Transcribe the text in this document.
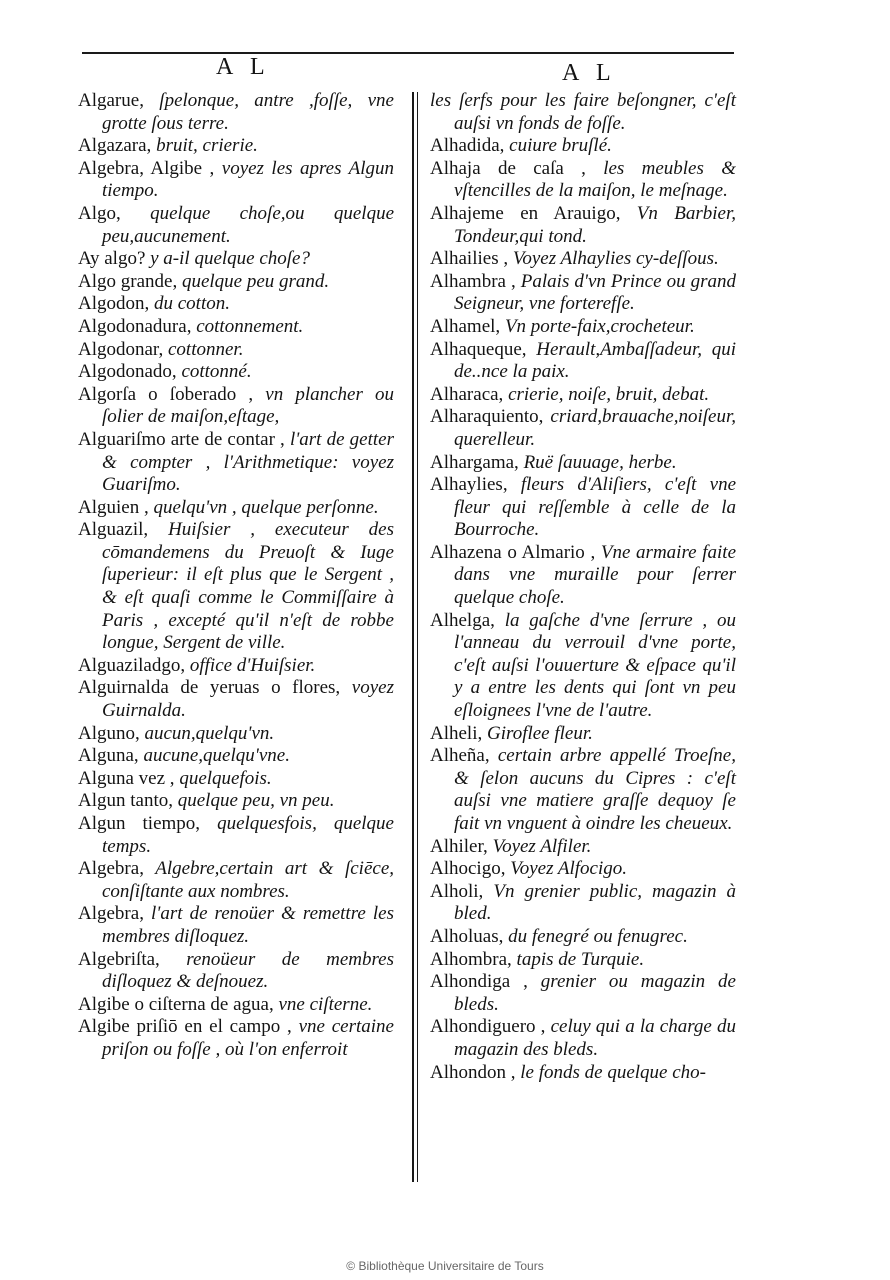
A L	A L

Algarue, ſpelonque, antre ,foſſe, vne grotte ſous terre.

Algazara, bruit, crierie.

Algebra, Algibe , voyez les apres Algun tiempo.

Algo, quelque choſe,ou quelque peu,aucunement.

Ay algo? y a-il quelque choſe?

Algo grande, quelque peu grand.

Algodon, du cotton.

Algodonadura, cottonnement.

Algodonar, cottonner.

Algodonado, cottonné.

Algorſa o ſoberado , vn plancher ou ſolier de maiſon,eſtage,

Alguariſmo arte de contar , l'art de getter & compter , l'Arithmetique: voyez Guariſmo.

Alguien , quelqu'vn , quelque perſonne.

Alguazil, Huiſsier , executeur des cōmandemens du Preuoſt & Iuge ſuperieur: il eſt plus que le Sergent , & eſt quaſi comme le Commiſſaire à Paris , excepté qu'il n'eſt de robbe longue, Sergent de ville.

Alguaziladgo, office d'Huiſsier.

Alguirnalda de yeruas o flores, voyez Guirnalda.

Alguno, aucun,quelqu'vn.

Alguna, aucune,quelqu'vne.

Alguna vez , quelquefois.

Algun tanto, quelque peu, vn peu.

Algun tiempo, quelquesfois, quelque temps.

Algebra, Algebre,certain art & ſciēce, conſiſtante aux nombres.

Algebra, l'art de renoüer & remettre les membres diſloquez.

Algebriſta, renoüeur de membres diſloquez & deſnouez.

Algibe o ciſterna de agua, vne ciſterne.

Algibe priſiō en el campo , vne certaine priſon ou foſſe , où l'on enferroit

les ſerfs pour les faire beſongner, c'eſt auſsi vn fonds de foſſe.

Alhadida, cuiure bruſlé.

Alhaja de caſa , les meubles & vſtencilles de la maiſon, le meſnage.

Alhajeme en Arauigo, Vn Barbier, Tondeur,qui tond.

Alhailies , Voyez Alhaylies cy-deſſous.

Alhambra , Palais d'vn Prince ou grand Seigneur, vne forterefſe.

Alhamel, Vn porte-faix,crocheteur.

Alhaqueque, Herault,Ambaſſadeur, qui de..nce la paix.

Alharaca, crierie, noiſe, bruit, debat.

Alharaquiento, criard,brauache,noiſeur, querelleur.

Alhargama, Ruë ſauuage, herbe.

Alhaylies, fleurs d'Aliſiers, c'eſt vne fleur qui reſſemble à celle de la Bourroche.

Alhazena o Almario , Vne armaire faite dans vne muraille pour ſerrer quelque choſe.

Alhelga, la gaſche d'vne ſerrure , ou l'anneau du verrouil d'vne porte, c'eſt auſsi l'ouuerture & eſpace qu'il y a entre les dents qui ſont vn peu eſloignees l'vne de l'autre.

Alheli, Giroflee fleur.

Alheña, certain arbre appellé Troeſne, & ſelon aucuns du Cipres : c'eſt auſsi vne matiere graſſe dequoy ſe fait vn vnguent à oindre les cheueux.

Alhiler, Voyez Alfiler.

Alhocigo, Voyez Alfocigo.

Alholi, Vn grenier public, magazin à bled.

Alholuas, du fenegré ou fenugrec.

Alhombra, tapis de Turquie.

Alhondiga , grenier ou magazin de bleds.

Alhondiguero , celuy qui a la charge du magazin des bleds.

Alhondon , le fonds de quelque cho-

© Bibliothèque Universitaire de Tours
